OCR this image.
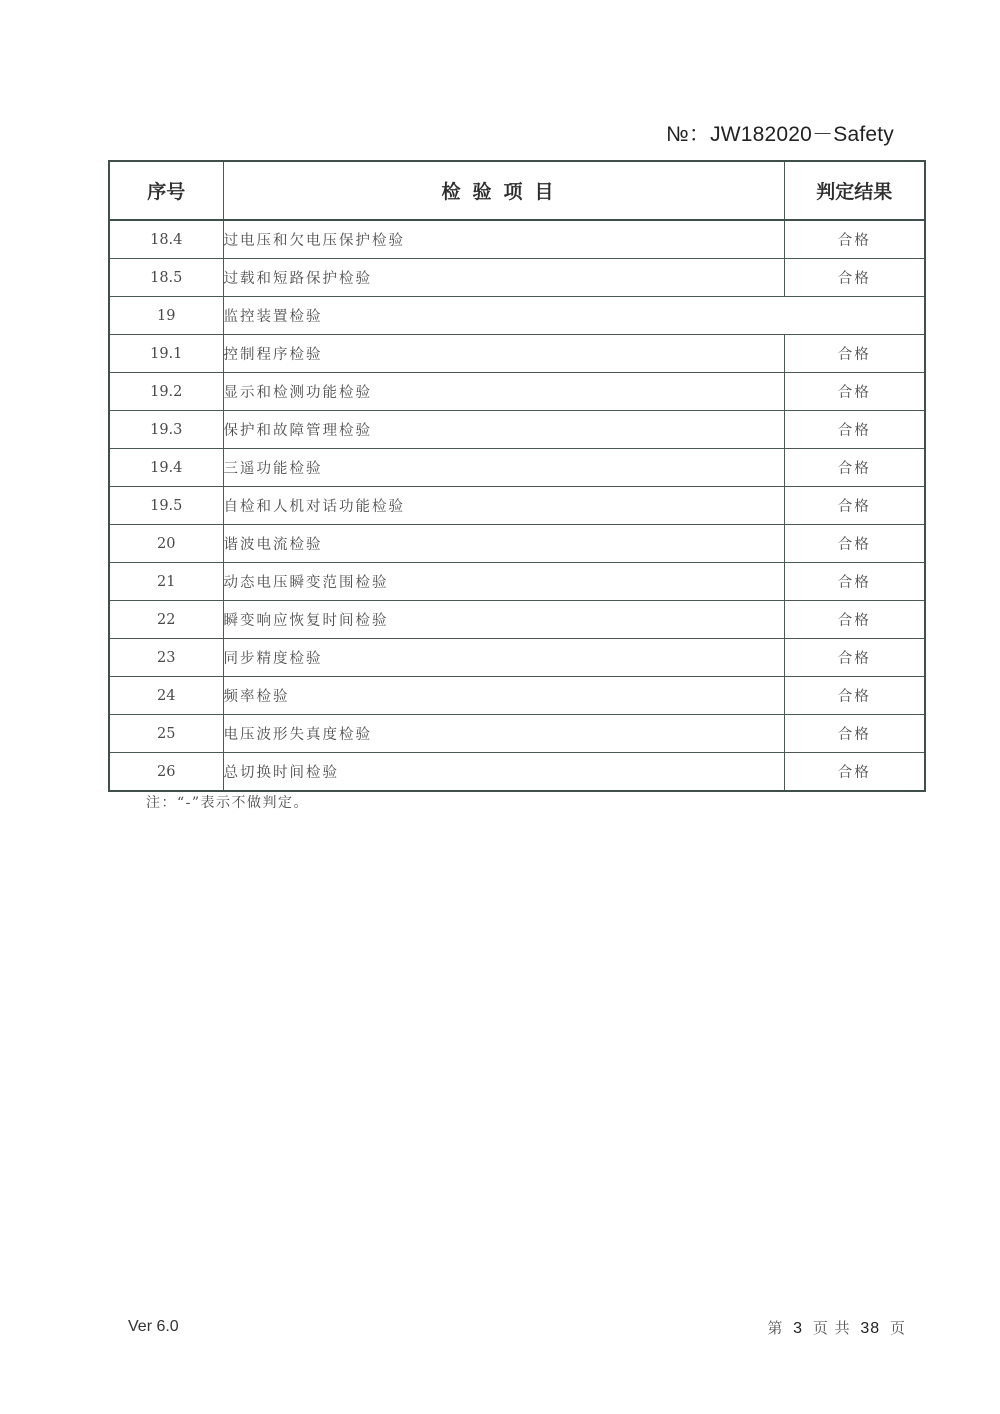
№：JW182020－Safety
序号	检验项目	判定结果
18.4	过电压和欠电压保护检验	合格
18.5	过载和短路保护检验	合格
19	监控装置检验	
19.1	控制程序检验	合格
19.2	显示和检测功能检验	合格
19.3	保护和故障管理检验	合格
19.4	三遥功能检验	合格
19.5	自检和人机对话功能检验	合格
20	谐波电流检验	合格
21	动态电压瞬变范围检验	合格
22	瞬变响应恢复时间检验	合格
23	同步精度检验	合格
24	频率检验	合格
25	电压波形失真度检验	合格
26	总切换时间检验	合格
注：“-”表示不做判定。
Ver 6.0	第 3 页 共 38 页
